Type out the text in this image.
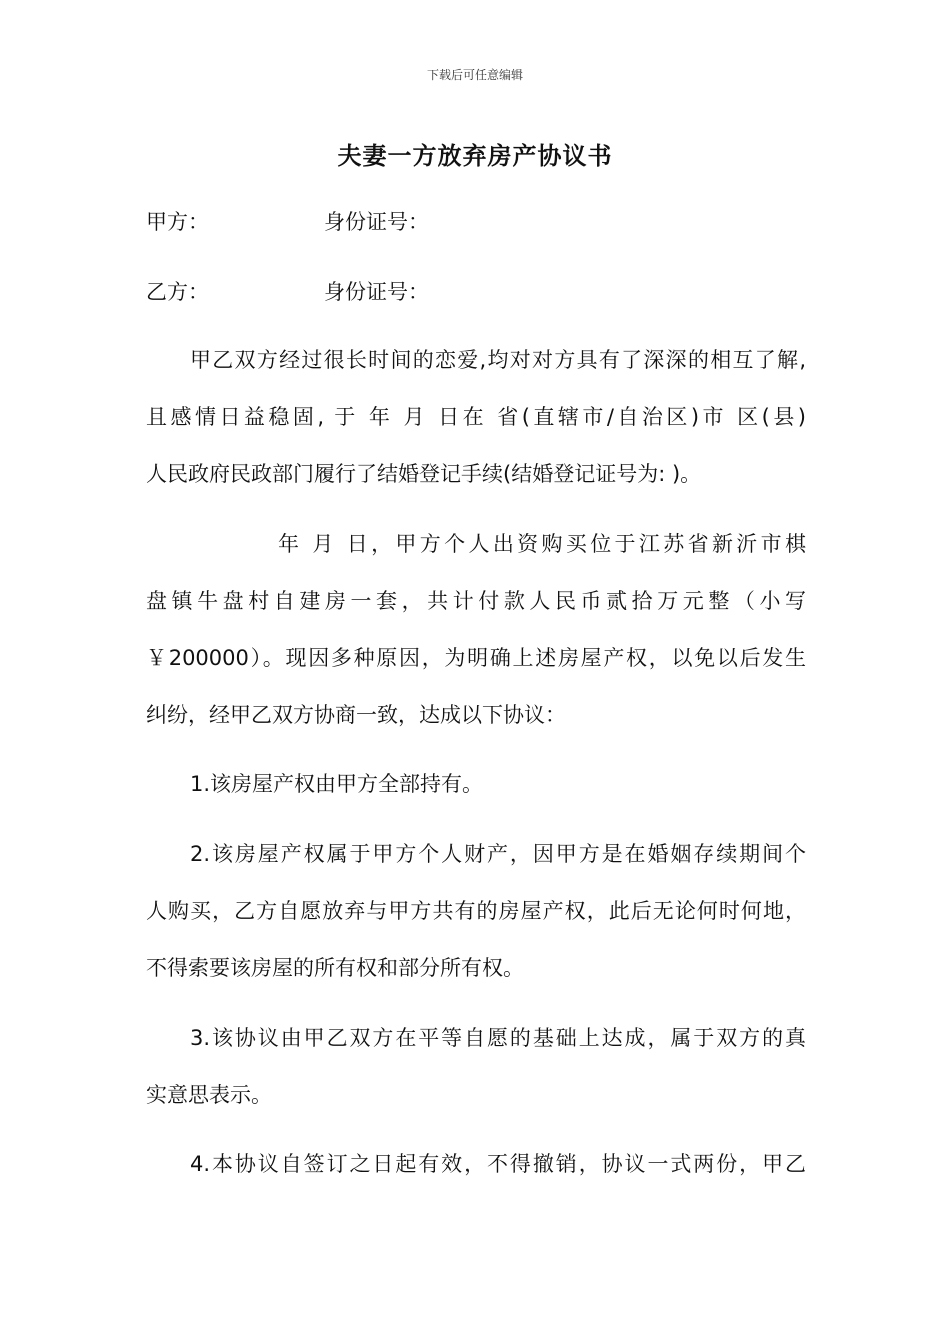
下载后可任意编辑
夫妻一方放弃房产协议书
甲方：	身份证号：
乙方：	身份证号：
甲乙双方经过很长时间的恋爱,均对对方具有了深深的相互了解,
且感情日益稳固, 于 年 月 日在 省(直辖市/自治区)市 区(县)
人民政府民政部门履行了结婚登记手续(结婚登记证号为: )。
年 月 日，甲方个人出资购买位于江苏省新沂市棋
盘镇牛盘村自建房一套，共计付款人民币贰拾万元整（小写
￥200000）。现因多种原因，为明确上述房屋产权，以免以后发生
纠纷，经甲乙双方协商一致，达成以下协议：
1.该房屋产权由甲方全部持有。
2.该房屋产权属于甲方个人财产，因甲方是在婚姻存续期间个
人购买，乙方自愿放弃与甲方共有的房屋产权，此后无论何时何地，
不得索要该房屋的所有权和部分所有权。
3.该协议由甲乙双方在平等自愿的基础上达成，属于双方的真
实意思表示。
4.本协议自签订之日起有效，不得撤销，协议一式两份，甲乙
